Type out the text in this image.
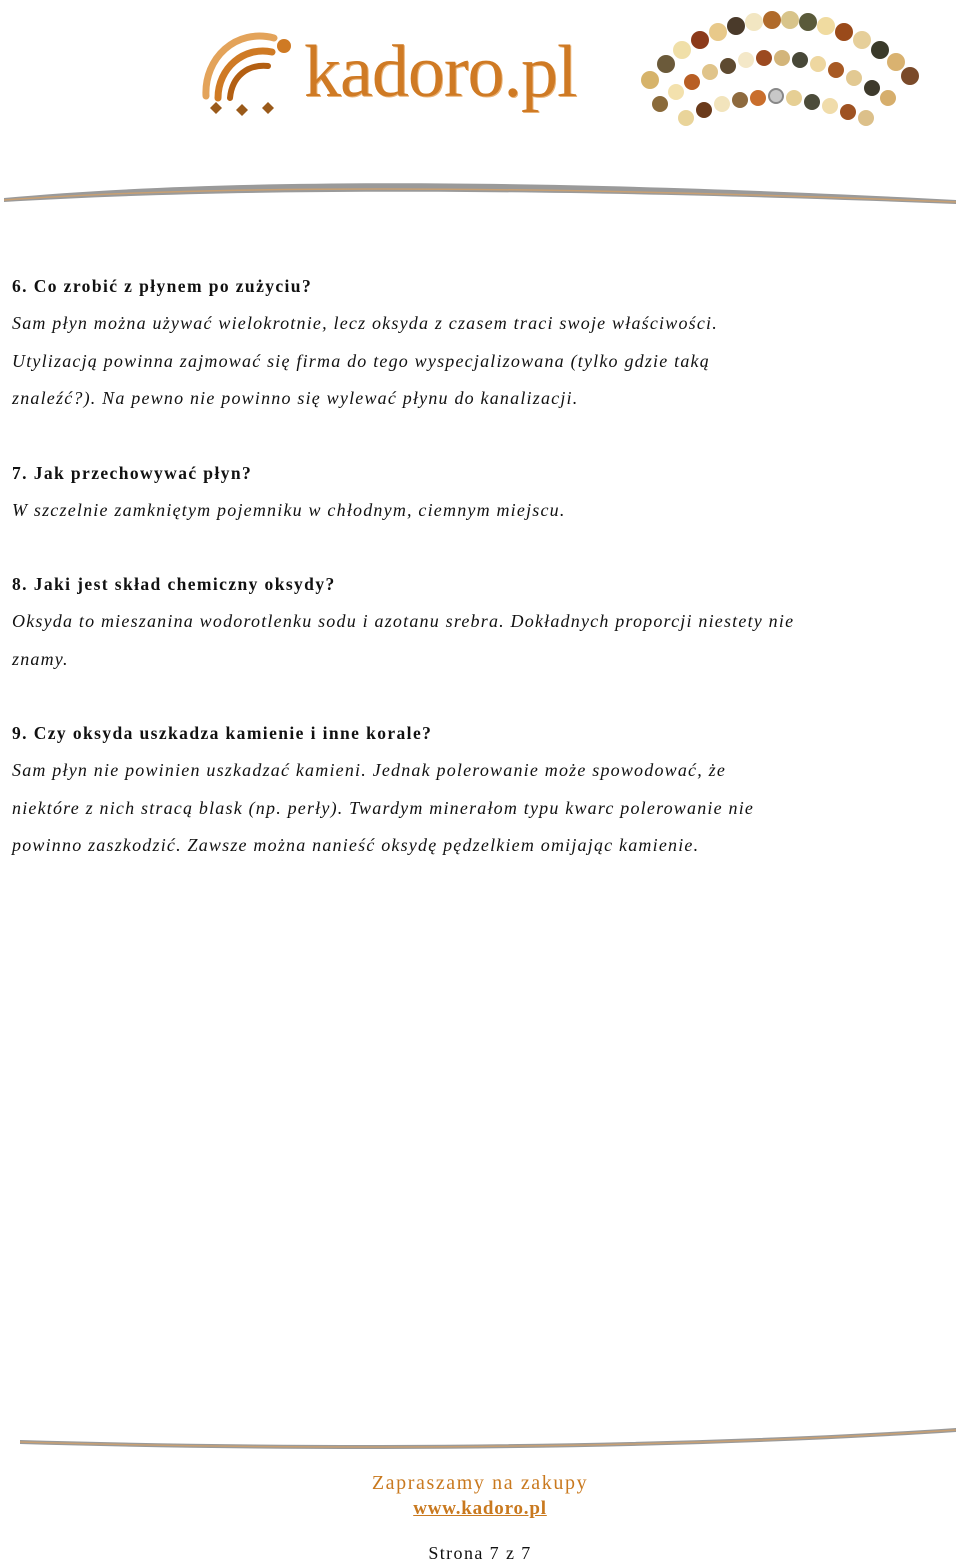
kadoro.pl

6. Co zrobić z płynem po zużyciu?

Sam płyn można używać wielokrotnie, lecz oksyda z czasem traci swoje właściwości.

Utylizacją powinna zajmować się firma do tego wyspecjalizowana (tylko gdzie taką

znaleźć?). Na pewno nie powinno się wylewać płynu do kanalizacji.

7. Jak przechowywać płyn?

W szczelnie zamkniętym pojemniku w chłodnym, ciemnym miejscu.

8. Jaki jest skład chemiczny oksydy?

Oksyda to mieszanina wodorotlenku sodu i azotanu srebra. Dokładnych proporcji niestety nie

znamy.

9. Czy oksyda uszkadza kamienie i inne korale?

Sam płyn nie powinien uszkadzać kamieni. Jednak polerowanie może spowodować, że

niektóre z nich stracą blask (np. perły). Twardym minerałom typu kwarc polerowanie nie

powinno zaszkodzić. Zawsze można nanieść oksydę pędzelkiem omijając kamienie.

Zapraszamy na zakupy

www.kadoro.pl
Strona 7 z 7
